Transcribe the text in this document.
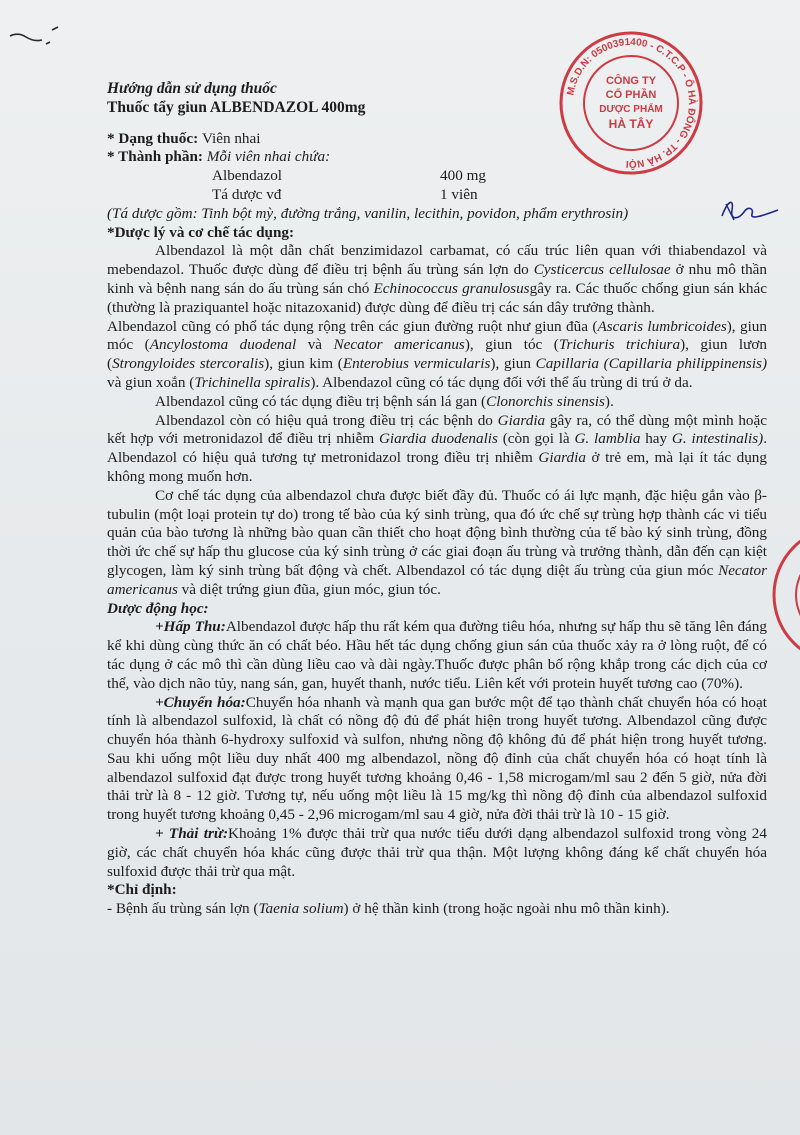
M.S.D.N: 0500391400 - C.T.C.P - Ô HÀ ĐÔNG - TP. HÀ NỘI
CÔNG TY
CỔ PHẦN
DƯỢC PHẨM
HÀ TÂY
Hướng dẫn sử dụng thuốc
Thuốc tẩy giun ALBENDAZOL 400mg
* Dạng thuốc:
Viên nhai
* Thành phần:
Mỗi viên nhai chứa:
Albendazol	400 mg
Tá dược vđ	1 viên
(Tá dược gồm: Tinh bột mỳ, đường trắng, vanilin, lecithin, povidon, phẩm erythrosin)
*Dược lý và cơ chế tác dụng:

Albendazol là một dẫn chất benzimidazol carbamat, có cấu trúc liên quan với thiabendazol và mebendazol. Thuốc được dùng để điều trị bệnh ấu trùng sán lợn do Cysticercus cellulosae ở nhu mô thần kinh và bệnh nang sán do ấu trùng sán chó Echinococcus granulosusgây ra. Các thuốc chống giun sán khác (thường là praziquantel hoặc nitazoxanid) được dùng để điều trị các sán dây trưởng thành.

Albendazol cũng có phổ tác dụng rộng trên các giun đường ruột như giun đũa (Ascaris lumbricoides), giun móc (Ancylostoma duodenal và Necator americanus), giun tóc (Trichuris trichiura), giun lươn (Strongyloides stercoralis), giun kim (Enterobius vermicularis), giun Capillaria (Capillaria philippinensis) và giun xoắn (Trichinella spiralis). Albendazol cũng có tác dụng đối với thể ấu trùng di trú ở da.

Albendazol cũng có tác dụng điều trị bệnh sán lá gan (Clonorchis sinensis).

Albendazol còn có hiệu quả trong điều trị các bệnh do Giardia gây ra, có thể dùng một mình hoặc kết hợp với metronidazol để điều trị nhiễm Giardia duodenalis (còn gọi là G. lamblia hay G. intestinalis). Albendazol có hiệu quả tương tự metronidazol trong điều trị nhiễm Giardia ở trẻ em, mà lại ít tác dụng không mong muốn hơn.

Cơ chế tác dụng của albendazol chưa được biết đầy đủ. Thuốc có ái lực mạnh, đặc hiệu gắn vào β-tubulin (một loại protein tự do) trong tế bào của ký sinh trùng, qua đó ức chế sự trùng hợp thành các vi tiểu quản của bào tương là những bào quan cần thiết cho hoạt động bình thường của tế bào ký sinh trùng, đồng thời ức chế sự hấp thu glucose của ký sinh trùng ở các giai đoạn ấu trùng và trưởng thành, dẫn đến cạn kiệt glycogen, làm ký sinh trùng bất động và chết. Albendazol có tác dụng diệt ấu trùng của giun móc Necator americanus và diệt trứng giun đũa, giun móc, giun tóc.

Dược động học:

+Hấp Thu:Albendazol được hấp thu rất kém qua đường tiêu hóa, nhưng sự hấp thu sẽ tăng lên đáng kể khi dùng cùng thức ăn có chất béo. Hầu hết tác dụng chống giun sán của thuốc xảy ra ở lòng ruột, để có tác dụng ở các mô thì cần dùng liều cao và dài ngày.Thuốc được phân bố rộng khắp trong các dịch của cơ thể, vào dịch não tủy, nang sán, gan, huyết thanh, nước tiểu. Liên kết với protein huyết tương cao (70%).

+Chuyển hóa:Chuyển hóa nhanh và mạnh qua gan bước một để tạo thành chất chuyển hóa có hoạt tính là albendazol sulfoxid, là chất có nồng độ đủ để phát hiện trong huyết tương. Albendazol cũng được chuyển hóa thành 6-hydroxy sulfoxid và sulfon, nhưng nồng độ không đủ để phát hiện trong huyết tương. Sau khi uống một liều duy nhất 400 mg albendazol, nồng độ đỉnh của chất chuyển hóa có hoạt tính là albendazol sulfoxid đạt được trong huyết tương khoảng 0,46 - 1,58 microgam/ml sau 2 đến 5 giờ, nửa đời thải trừ là 8 - 12 giờ. Tương tự, nếu uống một liều là 15 mg/kg thì nồng độ đỉnh của albendazol sulfoxid trong huyết tương khoảng 0,45 - 2,96 microgam/ml sau 4 giờ, nửa đời thải trừ là 10 - 15 giờ.

+ Thải trừ:Khoảng 1% được thải trừ qua nước tiểu dưới dạng albendazol sulfoxid trong vòng 24 giờ, các chất chuyển hóa khác cũng được thải trừ qua thận. Một lượng không đáng kể chất chuyển hóa sulfoxid được thải trừ qua mật.

*Chỉ định:

- Bệnh ấu trùng sán lợn (Taenia solium) ở hệ thần kinh (trong hoặc ngoài nhu mô thần kinh).
